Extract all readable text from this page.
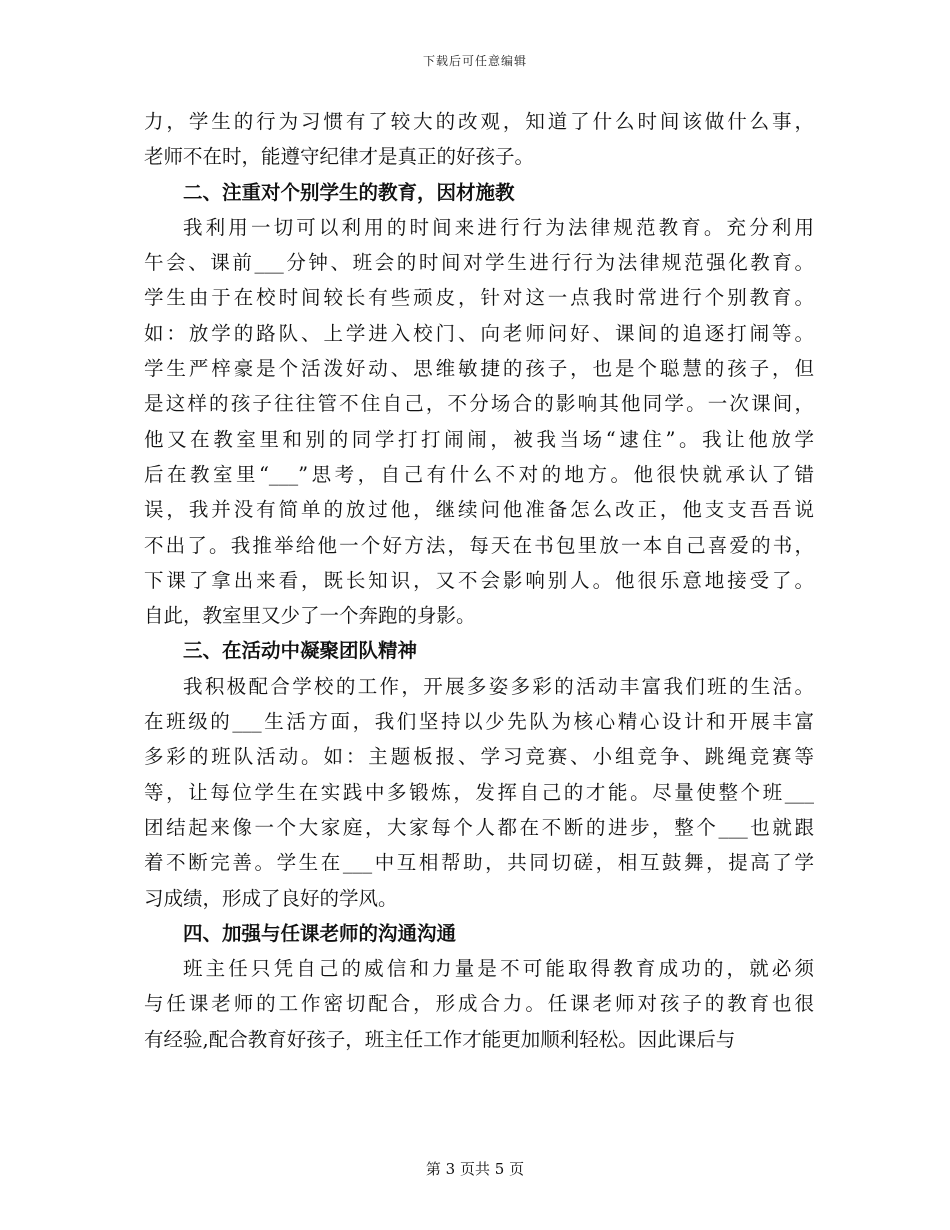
下载后可任意编辑
力，学生的行为习惯有了较大的改观，知道了什么时间该做什么事，
老师不在时，能遵守纪律才是真正的好孩子。
二、注重对个别学生的教育，因材施教
我利用一切可以利用的时间来进行行为法律规范教育。充分利用
午会、课前___分钟、班会的时间对学生进行行为法律规范强化教育。
学生由于在校时间较长有些顽皮，针对这一点我时常进行个别教育。
如：放学的路队、上学进入校门、向老师问好、课间的追逐打闹等。
学生严梓豪是个活泼好动、思维敏捷的孩子，也是个聪慧的孩子，但
是这样的孩子往往管不住自己，不分场合的影响其他同学。一次课间，
他又在教室里和别的同学打打闹闹，被我当场“逮住”。我让他放学
后在教室里“___”思考，自己有什么不对的地方。他很快就承认了错
误，我并没有简单的放过他，继续问他准备怎么改正，他支支吾吾说
不出了。我推举给他一个好方法，每天在书包里放一本自己喜爱的书，
下课了拿出来看，既长知识，又不会影响别人。他很乐意地接受了。
自此，教室里又少了一个奔跑的身影。
三、在活动中凝聚团队精神
我积极配合学校的工作，开展多姿多彩的活动丰富我们班的生活。
在班级的___生活方面，我们坚持以少先队为核心精心设计和开展丰富
多彩的班队活动。如：主题板报、学习竞赛、小组竞争、跳绳竞赛等
等，让每位学生在实践中多锻炼，发挥自己的才能。尽量使整个班___
团结起来像一个大家庭，大家每个人都在不断的进步，整个___也就跟
着不断完善。学生在___中互相帮助，共同切磋，相互鼓舞，提高了学
习成绩，形成了良好的学风。
四、加强与任课老师的沟通沟通
班主任只凭自己的威信和力量是不可能取得教育成功的，就必须
与任课老师的工作密切配合，形成合力。任课老师对孩子的教育也很
有经验,配合教育好孩子，班主任工作才能更加顺利轻松。因此课后与
第 3 页共 5 页
